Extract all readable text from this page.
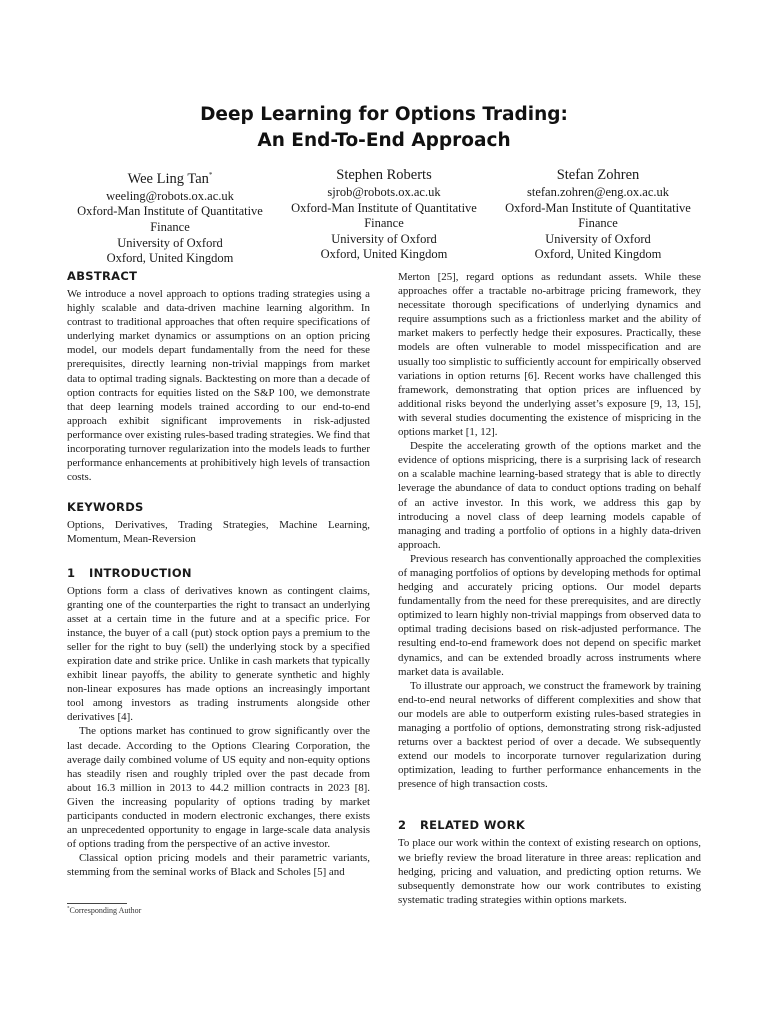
Deep Learning for Options Trading:
An End-To-End Approach
Wee Ling Tan*
weeling@robots.ox.ac.uk
Oxford-Man Institute of Quantitative
Finance
University of Oxford
Oxford, United Kingdom
Stephen Roberts
sjrob@robots.ox.ac.uk
Oxford-Man Institute of Quantitative
Finance
University of Oxford
Oxford, United Kingdom
Stefan Zohren
stefan.zohren@eng.ox.ac.uk
Oxford-Man Institute of Quantitative
Finance
University of Oxford
Oxford, United Kingdom
ABSTRACT

We introduce a novel approach to options trading strategies using a highly scalable and data-driven machine learning algorithm. In contrast to traditional approaches that often require specifications of underlying market dynamics or assumptions on an option pricing model, our models depart fundamentally from the need for these prerequisites, directly learning non-trivial mappings from market data to optimal trading signals. Backtesting on more than a decade of option contracts for equities listed on the S&P 100, we demonstrate that deep learning models trained according to our end-to-end approach exhibit significant improvements in risk-adjusted performance over existing rules-based trading strategies. We find that incorporating turnover regularization into the models leads to further performance enhancements at prohibitively high levels of transaction costs.

KEYWORDS

Options, Derivatives, Trading Strategies, Machine Learning, Momentum, Mean-Reversion

1 INTRODUCTION

Options form a class of derivatives known as contingent claims, granting one of the counterparties the right to transact an underlying asset at a certain time in the future and at a specific price. For instance, the buyer of a call (put) stock option pays a premium to the seller for the right to buy (sell) the underlying stock by a specified expiration date and strike price. Unlike in cash markets that typically exhibit linear payoffs, the ability to generate synthetic and highly non-linear exposures has made options an increasingly important tool among investors as trading instruments alongside other derivatives [4].

The options market has continued to grow significantly over the last decade. According to the Options Clearing Corporation, the average daily combined volume of US equity and non-equity options has steadily risen and roughly tripled over the past decade from about 16.3 million in 2013 to 44.2 million contracts in 2023 [8]. Given the increasing popularity of options trading by market participants conducted in modern electronic exchanges, there exists an unprecedented opportunity to engage in large-scale data analysis of options trading from the perspective of an active investor.

Classical option pricing models and their parametric variants, stemming from the seminal works of Black and Scholes [5] and

Merton [25], regard options as redundant assets. While these approaches offer a tractable no-arbitrage pricing framework, they necessitate thorough specifications of underlying dynamics and require assumptions such as a frictionless market and the ability of market makers to perfectly hedge their exposures. Practically, these models are often vulnerable to model misspecification and are usually too simplistic to sufficiently account for empirically observed variations in option returns [6]. Recent works have challenged this framework, demonstrating that option prices are influenced by additional risks beyond the underlying asset’s exposure [9, 13, 15], with several studies documenting the existence of mispricing in the options market [1, 12].

Despite the accelerating growth of the options market and the evidence of options mispricing, there is a surprising lack of research on a scalable machine learning-based strategy that is able to directly leverage the abundance of data to conduct options trading on behalf of an active investor. In this work, we address this gap by introducing a novel class of deep learning models capable of managing and trading a portfolio of options in a highly data-driven approach.

Previous research has conventionally approached the complexities of managing portfolios of options by developing methods for optimal hedging and accurately pricing options. Our model departs fundamentally from the need for these prerequisites, and are directly optimized to learn highly non-trivial mappings from observed data to optimal trading decisions based on risk-adjusted performance. The resulting end-to-end framework does not depend on specific market dynamics, and can be extended broadly across instruments where market data is available.

To illustrate our approach, we construct the framework by training end-to-end neural networks of different complexities and show that our models are able to outperform existing rules-based strategies in managing a portfolio of options, demonstrating strong risk-adjusted returns over a backtest period of over a decade. We subsequently extend our models to incorporate turnover regularization during optimization, leading to further performance enhancements in the presence of high transaction costs.

2 RELATED WORK

To place our work within the context of existing research on options, we briefly review the broad literature in three areas: replication and hedging, pricing and valuation, and predicting option returns. We subsequently demonstrate how our work contributes to existing systematic trading strategies within options markets.

*Corresponding Author
